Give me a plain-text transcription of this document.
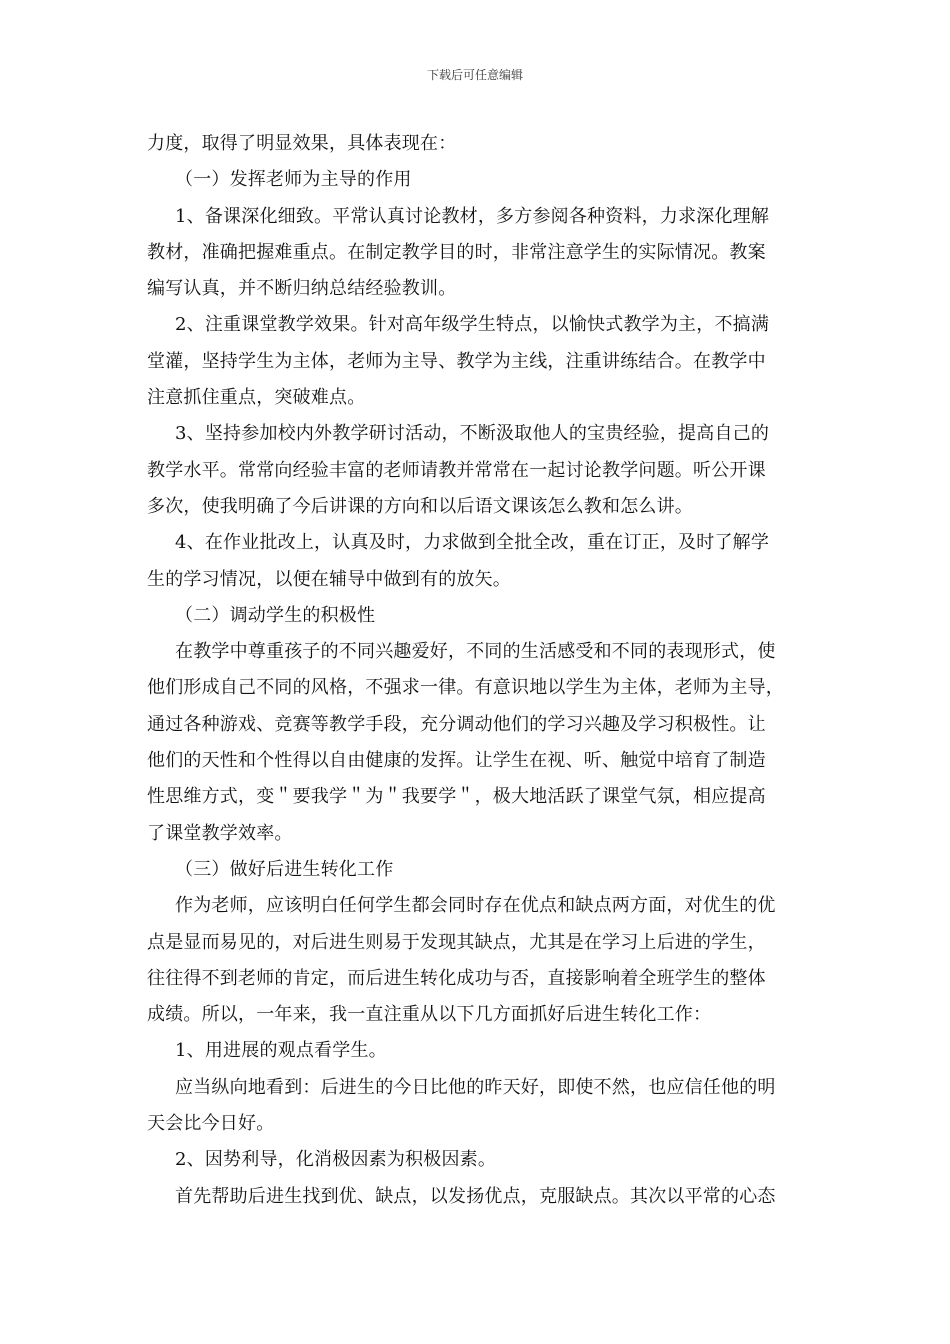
下载后可任意编辑
力度，取得了明显效果，具体表现在：
（一）发挥老师为主导的作用
1、备课深化细致。平常认真讨论教材，多方参阅各种资料，力求深化理解
教材，准确把握难重点。在制定教学目的时，非常注意学生的实际情况。教案
编写认真，并不断归纳总结经验教训。
2、注重课堂教学效果。针对高年级学生特点，以愉快式教学为主，不搞满
堂灌，坚持学生为主体，老师为主导、教学为主线，注重讲练结合。在教学中
注意抓住重点，突破难点。
3、坚持参加校内外教学研讨活动，不断汲取他人的宝贵经验，提高自己的
教学水平。常常向经验丰富的老师请教并常常在一起讨论教学问题。听公开课
多次，使我明确了今后讲课的方向和以后语文课该怎么教和怎么讲。
4、在作业批改上，认真及时，力求做到全批全改，重在订正，及时了解学
生的学习情况，以便在辅导中做到有的放矢。
（二）调动学生的积极性
在教学中尊重孩子的不同兴趣爱好，不同的生活感受和不同的表现形式，使
他们形成自己不同的风格，不强求一律。有意识地以学生为主体，老师为主导，
通过各种游戏、竞赛等教学手段，充分调动他们的学习兴趣及学习积极性。让
他们的天性和个性得以自由健康的发挥。让学生在视、听、触觉中培育了制造
性思维方式，变＂要我学＂为＂我要学＂，极大地活跃了课堂气氛，相应提高
了课堂教学效率。
（三）做好后进生转化工作
作为老师，应该明白任何学生都会同时存在优点和缺点两方面，对优生的优
点是显而易见的，对后进生则易于发现其缺点，尤其是在学习上后进的学生，
往往得不到老师的肯定，而后进生转化成功与否，直接影响着全班学生的整体
成绩。所以，一年来，我一直注重从以下几方面抓好后进生转化工作：
1、用进展的观点看学生。
应当纵向地看到：后进生的今日比他的昨天好，即使不然，也应信任他的明
天会比今日好。
2、因势利导，化消极因素为积极因素。
首先帮助后进生找到优、缺点，以发扬优点，克服缺点。其次以平常的心态
